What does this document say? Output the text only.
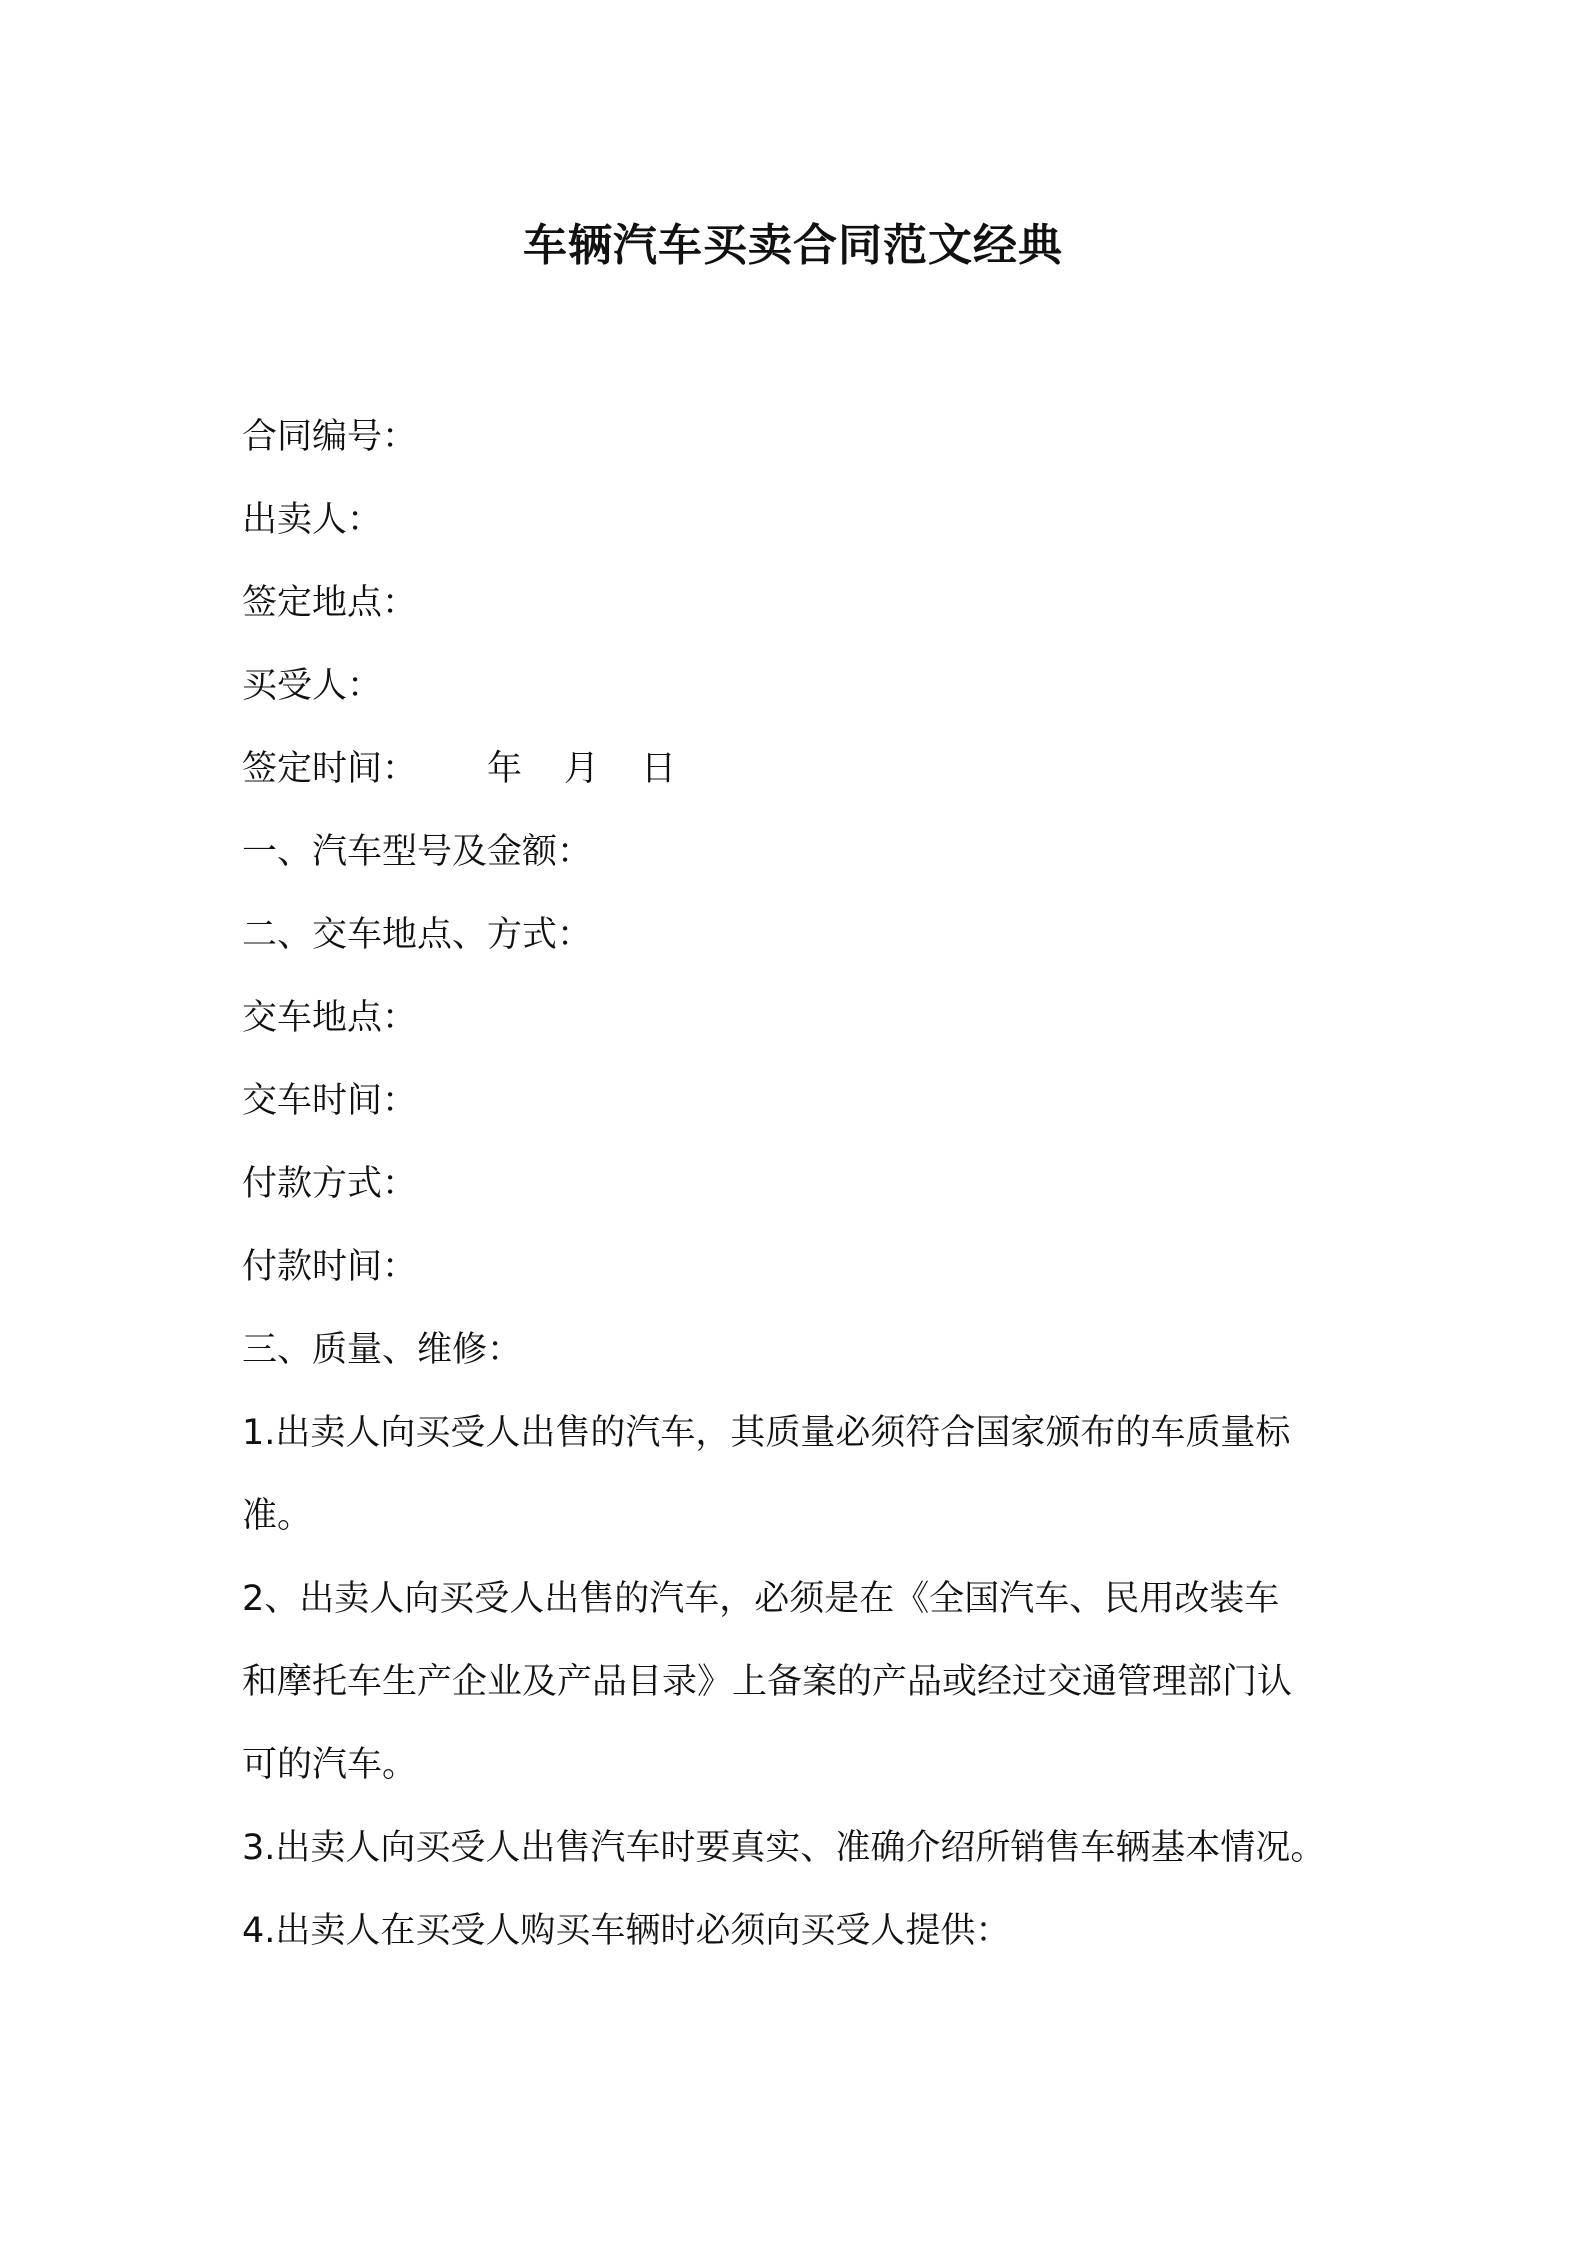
车辆汽车买卖合同范文经典

合同编号：

出卖人：

签定地点：

买受人：

签定时间： 年 月 日

一、汽车型号及金额：

二、交车地点、方式：

交车地点：

交车时间：

付款方式：

付款时间：

三、质量、维修：

1.出卖人向买受人出售的汽车，其质量必须符合国家颁布的车质量标

准。

2、出卖人向买受人出售的汽车，必须是在《全国汽车、民用改装车

和摩托车生产企业及产品目录》上备案的产品或经过交通管理部门认

可的汽车。

3.出卖人向买受人出售汽车时要真实、准确介绍所销售车辆基本情况。

4.出卖人在买受人购买车辆时必须向买受人提供：
